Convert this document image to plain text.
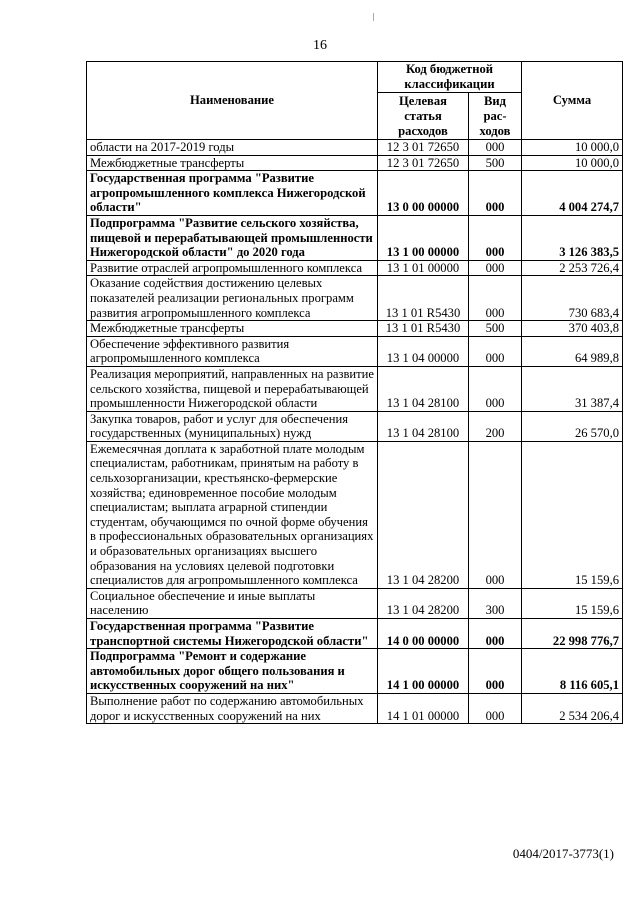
16
Наименование	Код бюджетной классификации		Сумма
	Целевая статья расходов	Вид рас-ходов	
области на 2017-2019 годы	12 3 01 72650	000	10 000,0
Межбюджетные трансферты	12 3 01 72650	500	10 000,0
Государственная программа "Развитие агропромышленного комплекса Нижегородской области"	13 0 00 00000	000	4 004 274,7
Подпрограмма "Развитие сельского хозяйства, пищевой и перерабатывающей промышленности Нижегородской области" до 2020 года	13 1 00 00000	000	3 126 383,5
Развитие отраслей агропромышленного комплекса	13 1 01 00000	000	2 253 726,4
Оказание содействия достижению целевых показателей реализации региональных программ развития агропромышленного комплекса	13 1 01 R5430	000	730 683,4
Межбюджетные трансферты	13 1 01 R5430	500	370 403,8
Обеспечение эффективного развития агропромышленного комплекса	13 1 04 00000	000	64 989,8
Реализация мероприятий, направленных на развитие сельского хозяйства, пищевой и перерабатывающей промышленности Нижегородской области	13 1 04 28100	000	31 387,4
Закупка товаров, работ и услуг для обеспечения государственных (муниципальных) нужд	13 1 04 28100	200	26 570,0
Ежемесячная доплата к заработной плате молодым специалистам, работникам, принятым на работу в сельхозорганизации, крестьянско-фермерские хозяйства; единовременное пособие молодым специалистам; выплата аграрной стипендии студентам, обучающимся по очной форме обучения в профессиональных образовательных организациях и образовательных организациях высшего образования на условиях целевой подготовки специалистов для агропромышленного комплекса	13 1 04 28200	000	15 159,6
Социальное обеспечение и иные выплаты населению	13 1 04 28200	300	15 159,6
Государственная программа "Развитие транспортной системы Нижегородской области"	14 0 00 00000	000	22 998 776,7
Подпрограмма "Ремонт и содержание автомобильных дорог общего пользования и искусственных сооружений на них"	14 1 00 00000	000	8 116 605,1
Выполнение работ по содержанию автомобильных дорог и искусственных сооружений на них	14 1 01 00000	000	2 534 206,4
0404/2017-3773(1)
